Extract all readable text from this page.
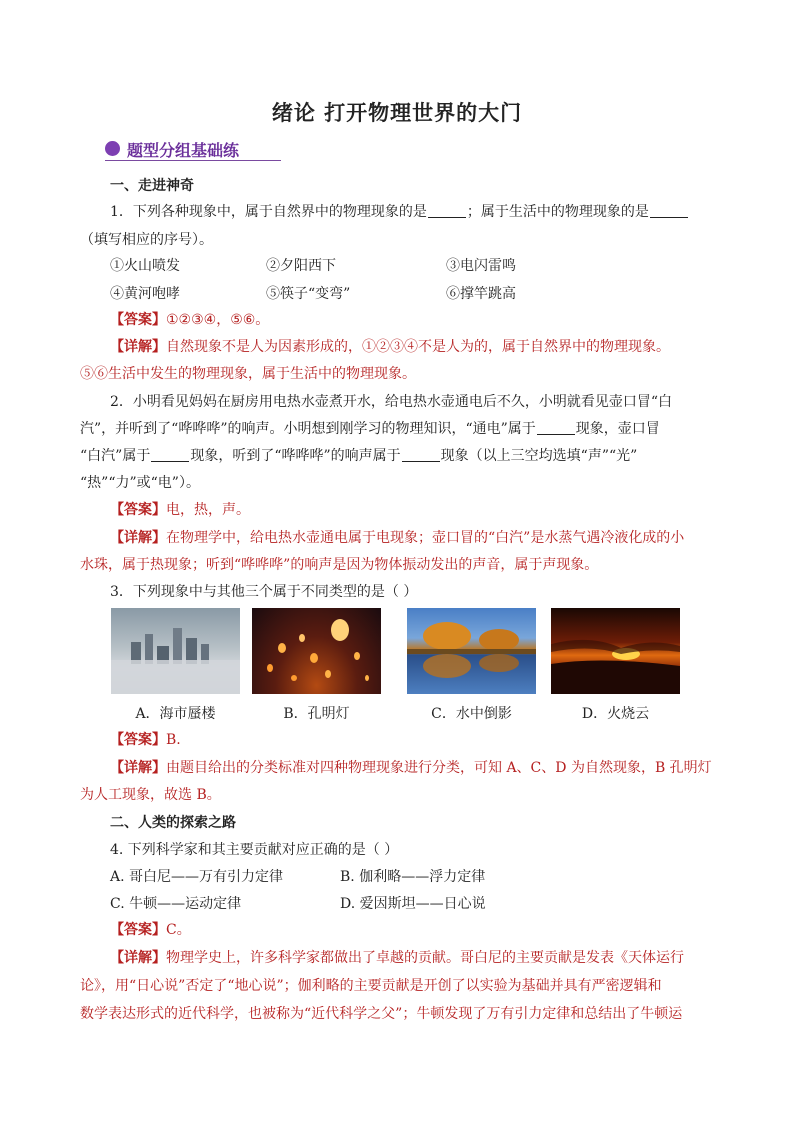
绪论 打开物理世界的大门
题型分组基础练
一、走进神奇
1．下列各种现象中，属于自然界中的物理现象的是	；属于生活中的物理现象的是
（填写相应的序号）。
①火山喷发	②夕阳西下	③电闪雷鸣
④黄河咆哮	⑤筷子“变弯”	⑥撑竿跳高
【答案】①②③④，⑤⑥。
【详解】自然现象不是人为因素形成的，①②③④不是人为的，属于自然界中的物理现象。
⑤⑥生活中发生的物理现象，属于生活中的物理现象。
2．小明看见妈妈在厨房用电热水壶煮开水，给电热水壶通电后不久，小明就看见壶口冒“白
汽”，并听到了“哗哗哗”的响声。小明想到刚学习的物理知识，“通电”属于	现象，壶口冒
“白汽”属于	现象，听到了“哗哗哗”的响声属于	现象（以上三空均选填“声”“光”
“热”“力”或“电”）。
【答案】电，热，声。
【详解】在物理学中，给电热水壶通电属于电现象；壶口冒的“白汽”是水蒸气遇冷液化成的小
水珠，属于热现象；听到“哗哗哗”的响声是因为物体振动发出的声音，属于声现象。
3．下列现象中与其他三个属于不同类型的是（ ）
A．海市蜃楼	B．孔明灯	C．水中倒影	D．火烧云
【答案】B.
【详解】由题目给出的分类标准对四种物理现象进行分类，可知 A、C、D 为自然现象，B 孔明灯
为人工现象，故选 B。
二、人类的探索之路
4. 下列科学家和其主要贡献对应正确的是（ ）
A. 哥白尼——万有引力定律	B. 伽利略——浮力定律
C. 牛顿——运动定律	D. 爱因斯坦——日心说
【答案】C。
【详解】物理学史上，许多科学家都做出了卓越的贡献。哥白尼的主要贡献是发表《天体运行
论》，用“日心说”否定了“地心说”；伽利略的主要贡献是开创了以实验为基础并具有严密逻辑和
数学表达形式的近代科学，也被称为“近代科学之父”；牛顿发现了万有引力定律和总结出了牛顿运
